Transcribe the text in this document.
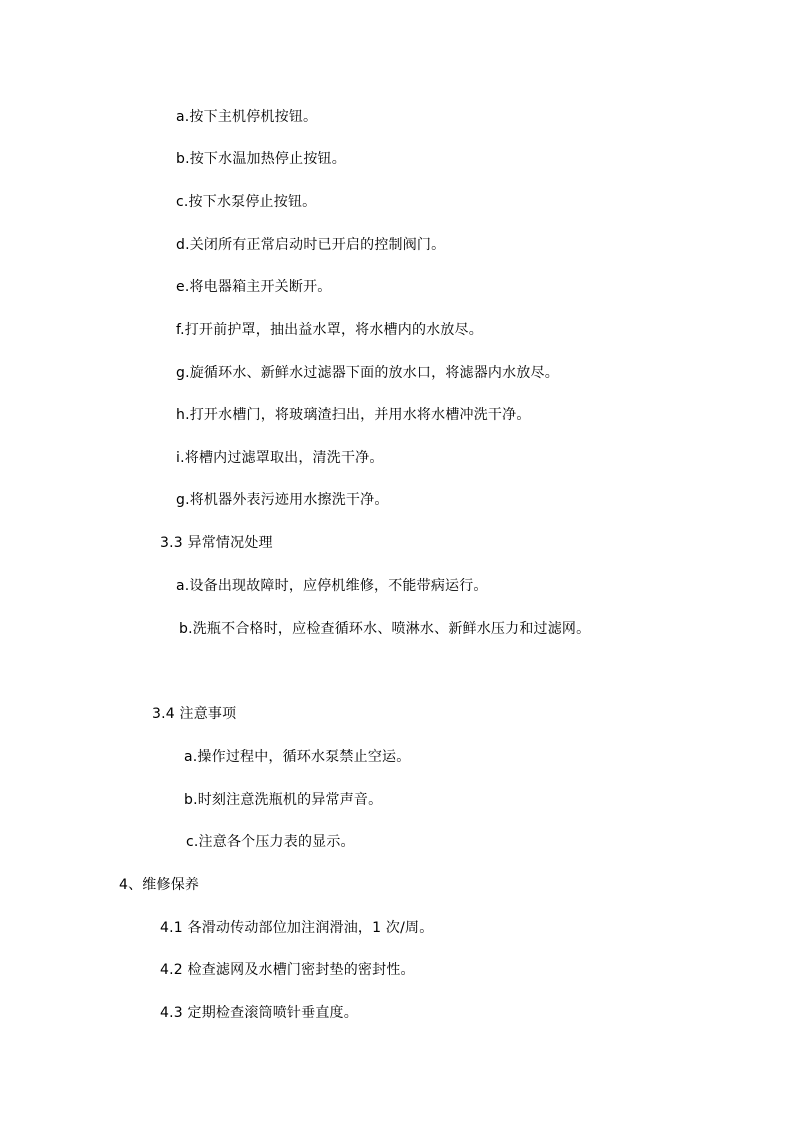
a.按下主机停机按钮。
b.按下水温加热停止按钮。
c.按下水泵停止按钮。
d.关闭所有正常启动时已开启的控制阀门。
e.将电器箱主开关断开。
f.打开前护罩，抽出益水罩，将水槽内的水放尽。
g.旋循环水、新鲜水过滤器下面的放水口，将滤器内水放尽。
h.打开水槽门，将玻璃渣扫出，并用水将水槽冲洗干净。
i.将槽内过滤罩取出，清洗干净。
g.将机器外表污迹用水擦洗干净。
3.3 异常情况处理
a.设备出现故障时，应停机维修，不能带病运行。
b.洗瓶不合格时，应检查循环水、喷淋水、新鲜水压力和过滤网。
3.4 注意事项
a.操作过程中，循环水泵禁止空运。
b.时刻注意洗瓶机的异常声音。
c.注意各个压力表的显示。
4、维修保养
4.1 各滑动传动部位加注润滑油，1 次/周。
4.2 检查滤网及水槽门密封垫的密封性。
4.3 定期检查滚筒喷针垂直度。
